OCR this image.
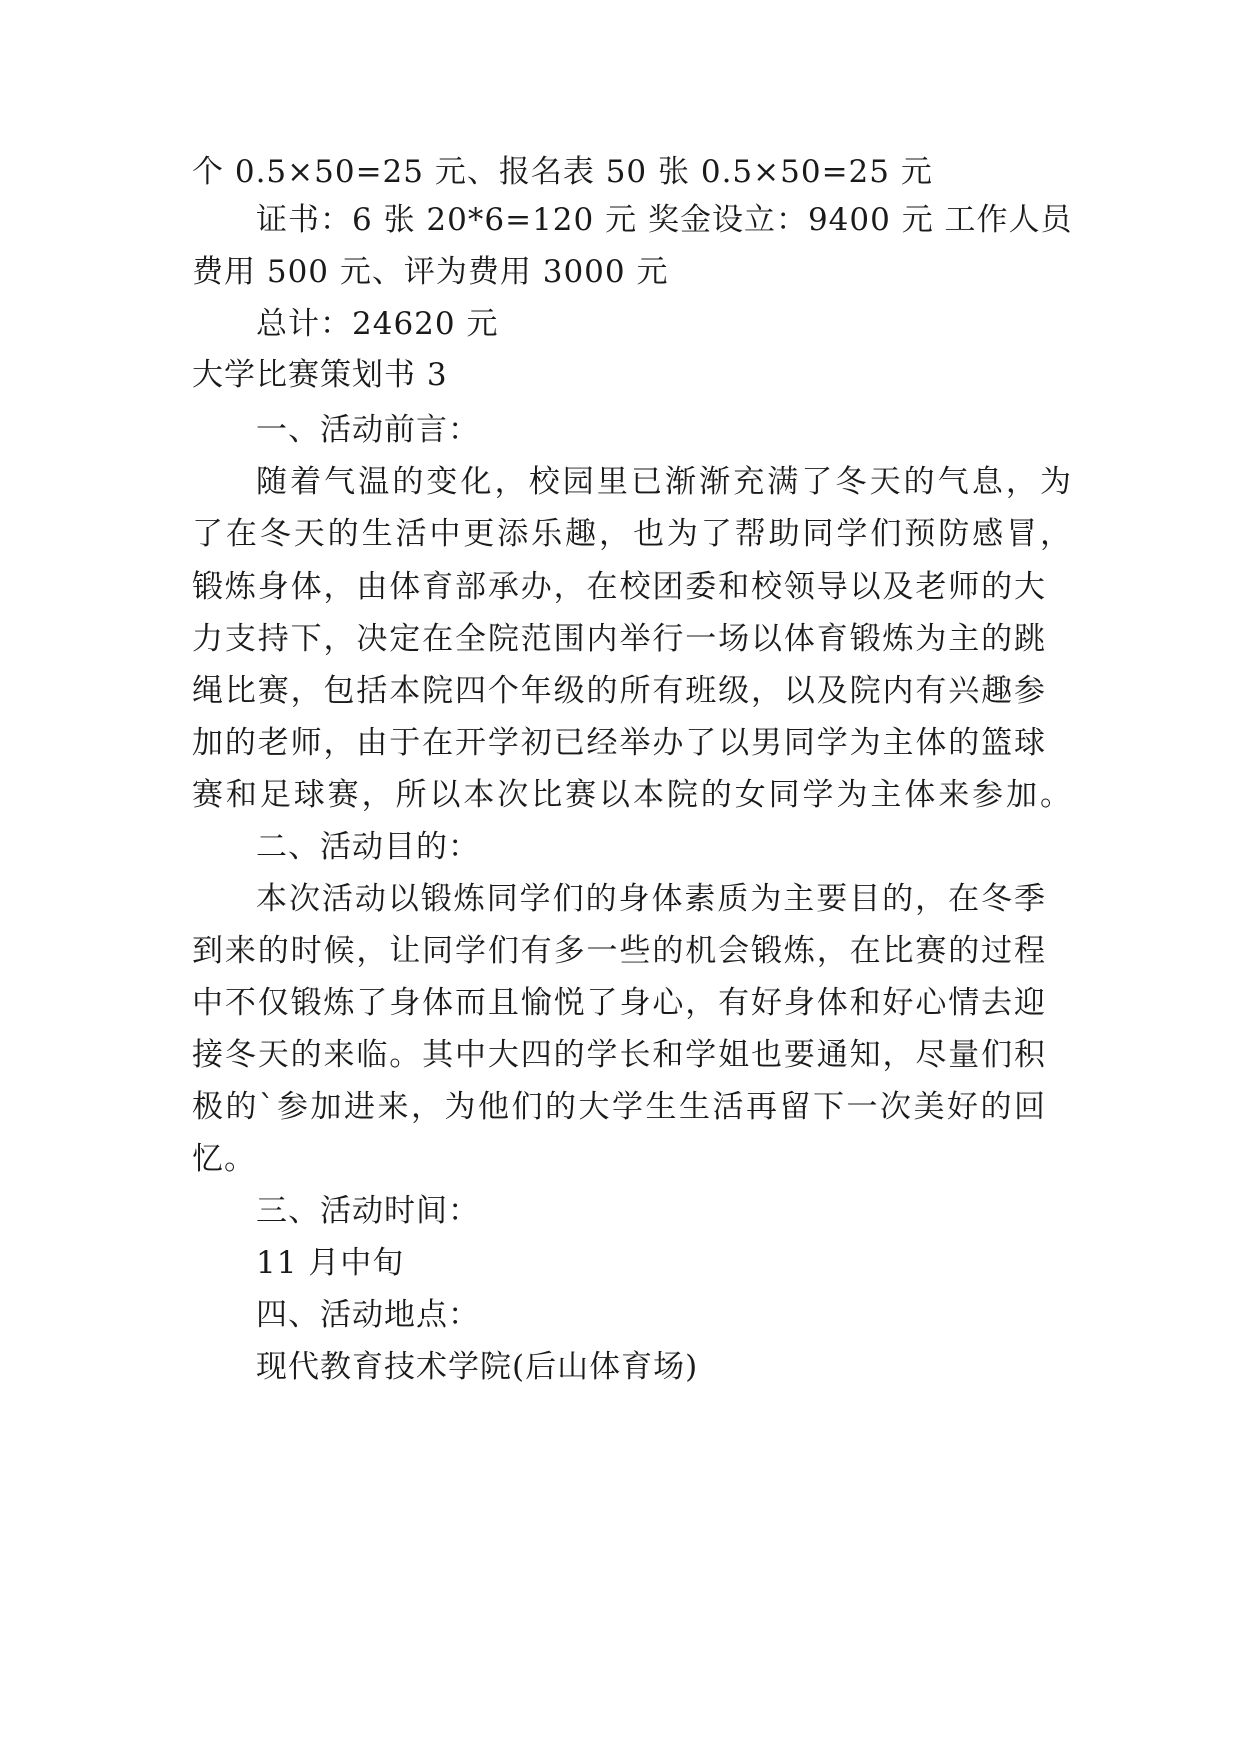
个 0.5×50=25 元、报名表 50 张 0.5×50=25 元
证书：6 张 20*6=120 元 奖金设立：9400 元 工作人员
费用 500 元、评为费用 3000 元
总计：24620 元
大学比赛策划书 3
一、活动前言：
随着气温的变化，校园里已渐渐充满了冬天的气息，为
了在冬天的生活中更添乐趣，也为了帮助同学们预防感冒，
锻炼身体，由体育部承办，在校团委和校领导以及老师的大
力支持下，决定在全院范围内举行一场以体育锻炼为主的跳
绳比赛，包括本院四个年级的所有班级，以及院内有兴趣参
加的老师，由于在开学初已经举办了以男同学为主体的篮球
赛和足球赛，所以本次比赛以本院的女同学为主体来参加。
二、活动目的：
本次活动以锻炼同学们的身体素质为主要目的，在冬季
到来的时候，让同学们有多一些的机会锻炼，在比赛的过程
中不仅锻炼了身体而且愉悦了身心，有好身体和好心情去迎
接冬天的来临。其中大四的学长和学姐也要通知，尽量们积
极的`参加进来，为他们的大学生生活再留下一次美好的回
忆。
三、活动时间：
11 月中旬
四、活动地点：
现代教育技术学院(后山体育场)
